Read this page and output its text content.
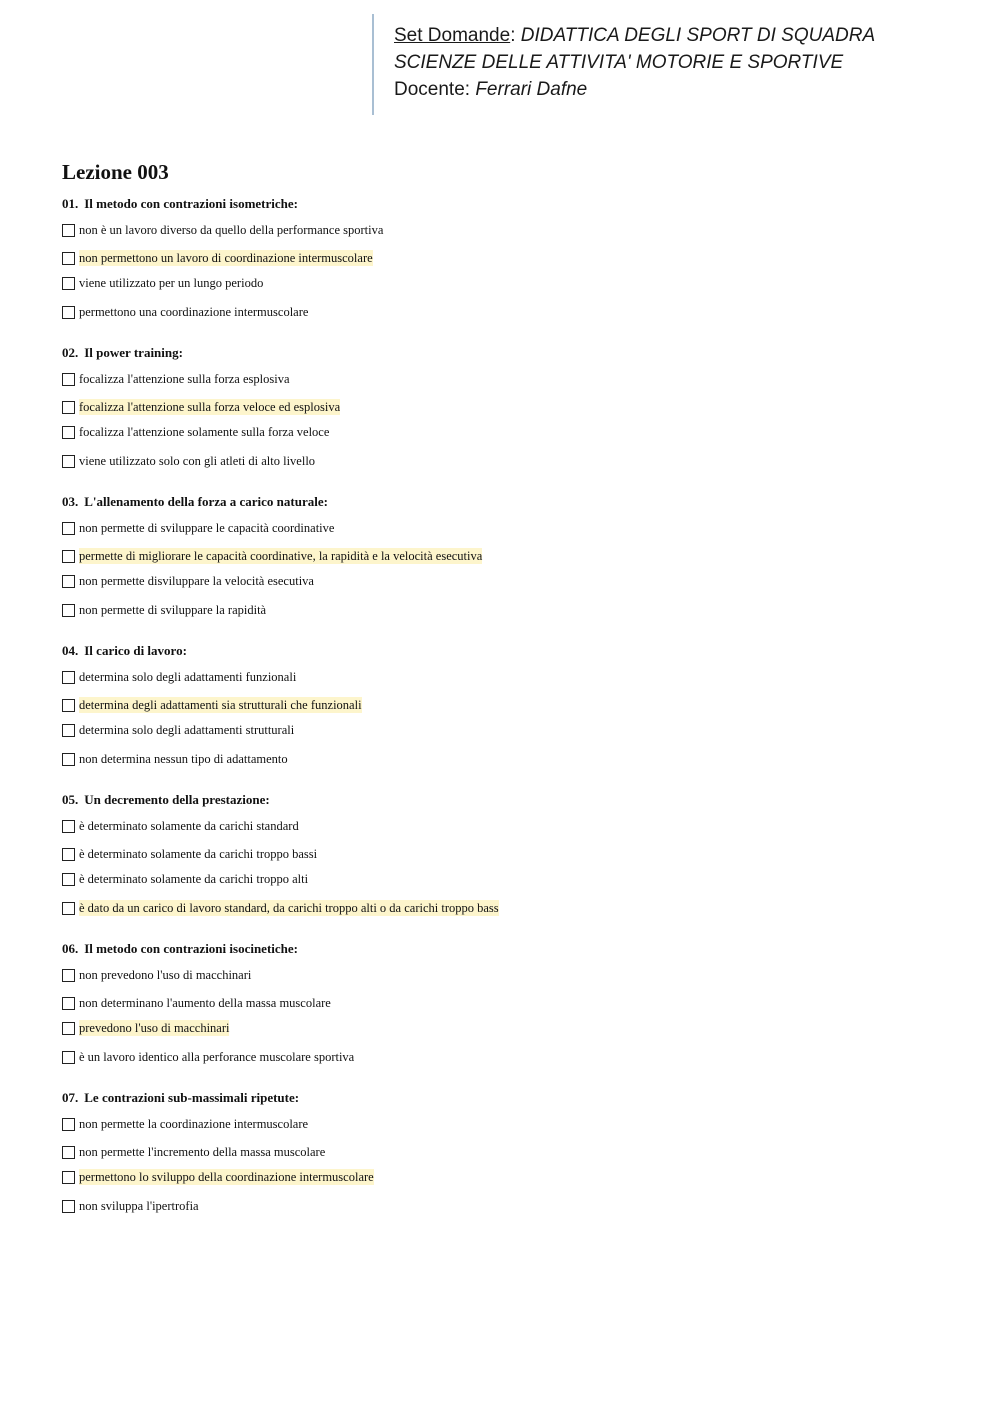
Set Domande: DIDATTICA DEGLI SPORT DI SQUADRA
SCIENZE DELLE ATTIVITA' MOTORIE E SPORTIVE
Docente: Ferrari Dafne
Lezione 003
01. Il metodo con contrazioni isometriche:
non è un lavoro diverso da quello della performance sportiva
non permettono un lavoro di coordinazione intermuscolare
viene utilizzato per un lungo periodo
permettono una coordinazione intermuscolare
02. Il power training:
focalizza l'attenzione sulla forza esplosiva
focalizza l'attenzione sulla forza veloce ed esplosiva
focalizza l'attenzione solamente sulla forza veloce
viene utilizzato solo con gli atleti di alto livello
03. L'allenamento della forza a carico naturale:
non permette di sviluppare le capacità coordinative
permette di migliorare le capacità coordinative, la rapidità e la velocità esecutiva
non permette disviluppare la velocità esecutiva
non permette di sviluppare la rapidità
04. Il carico di lavoro:
determina solo degli adattamenti funzionali
determina degli adattamenti sia strutturali che funzionali
determina solo degli adattamenti strutturali
non determina nessun tipo di adattamento
05. Un decremento della prestazione:
è determinato solamente da carichi standard
è determinato solamente da carichi troppo bassi
è determinato solamente da carichi troppo alti
è dato da un carico di lavoro standard, da carichi troppo alti o da carichi troppo bass
06. Il metodo con contrazioni isocinetiche:
non prevedono l'uso di macchinari
non determinano l'aumento della massa muscolare
prevedono l'uso di macchinari
è un lavoro identico alla perforance muscolare sportiva
07. Le contrazioni sub-massimali ripetute:
non permette la coordinazione intermuscolare
non permette l'incremento della massa muscolare
permettono lo sviluppo della coordinazione intermuscolare
non sviluppa l'ipertrofia
